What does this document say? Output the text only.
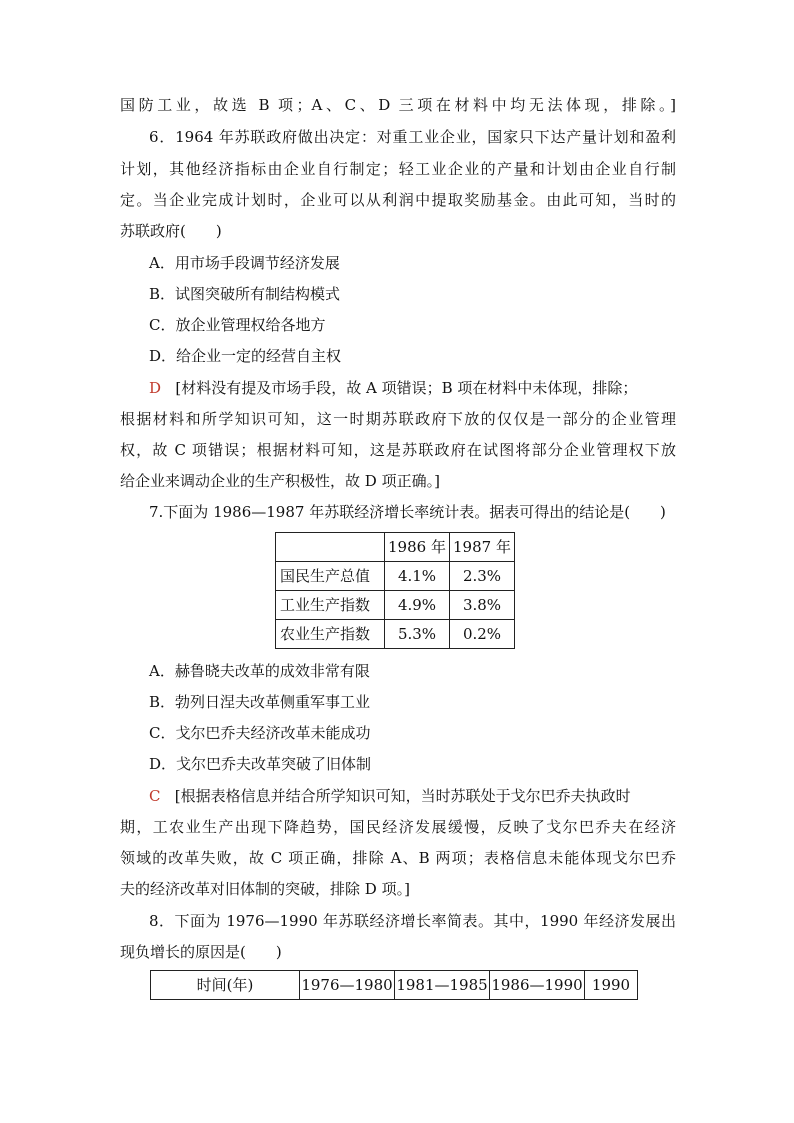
国防工业，故选 B 项；A、C、D 三项在材料中均无法体现，排除。]
6．1964 年苏联政府做出决定：对重工业企业，国家只下达产量计划和盈利
计划，其他经济指标由企业自行制定；轻工业企业的产量和计划由企业自行制
定。当企业完成计划时，企业可以从利润中提取奖励基金。由此可知，当时的
苏联政府(　　)
A．用市场手段调节经济发展
B．试图突破所有制结构模式
C．放企业管理权给各地方
D．给企业一定的经营自主权
D [材料没有提及市场手段，故 A 项错误；B 项在材料中未体现，排除；
根据材料和所学知识可知，这一时期苏联政府下放的仅仅是一部分的企业管理
权，故 C 项错误；根据材料可知，这是苏联政府在试图将部分企业管理权下放
给企业来调动企业的生产积极性，故 D 项正确。]
7.下面为 1986—1987 年苏联经济增长率统计表。据表可得出的结论是(　　)
	1986 年	1987 年
国民生产总值	4.1%	2.3%
工业生产指数	4.9%	3.8%
农业生产指数	5.3%	0.2%
A．赫鲁晓夫改革的成效非常有限
B．勃列日涅夫改革侧重军事工业
C．戈尔巴乔夫经济改革未能成功
D．戈尔巴乔夫改革突破了旧体制
C [根据表格信息并结合所学知识可知，当时苏联处于戈尔巴乔夫执政时
期，工农业生产出现下降趋势，国民经济发展缓慢，反映了戈尔巴乔夫在经济
领域的改革失败，故 C 项正确，排除 A、B 两项；表格信息未能体现戈尔巴乔
夫的经济改革对旧体制的突破，排除 D 项。]
8．下面为 1976—1990 年苏联经济增长率简表。其中，1990 年经济发展出
现负增长的原因是(　　)
时间(年)	1976—1980	1981—1985	1986—1990	1990
